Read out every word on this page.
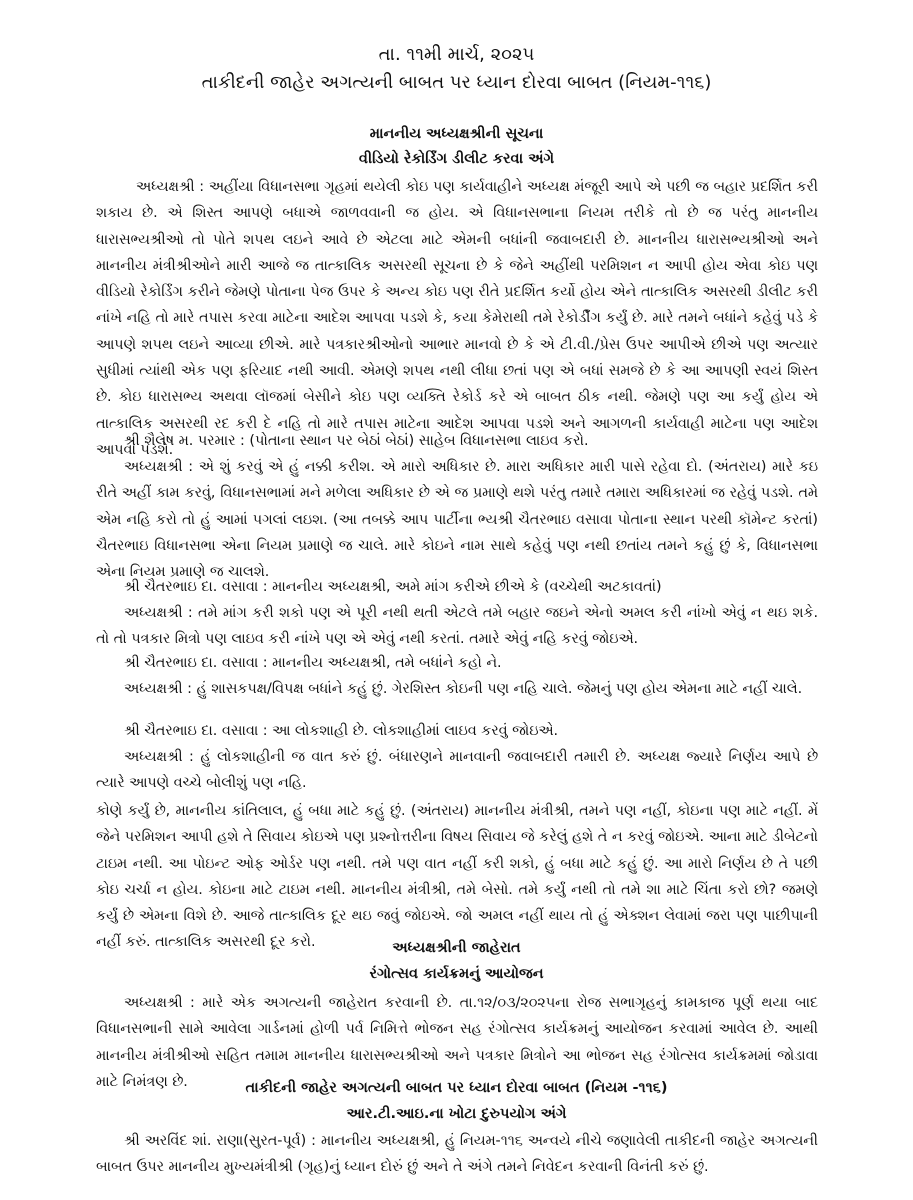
તા. ૧૧મી માર્ચ, ૨૦૨૫
તાકીદની જાહેર અગત્યની બાબત પર ધ્યાન દોરવા બાબત (નિયમ-૧૧૬)
માનનીય અધ્યક્ષશ્રીની સૂચના
વીડિયો રેકોર્ડિંગ ડીલીટ કરવા અંગે

અધ્યક્ષશ્રી : અહીંયા વિધાનસભા ગૃહમાં થયેલી કોઇ પણ કાર્યવાહીને અધ્યક્ષ મંજૂરી આપે એ પછી જ બહાર પ્રદર્શિત કરી શકાય છે. એ શિસ્ત આપણે બધાએ જાળવવાની જ હોય. એ વિધાનસભાના નિયમ તરીકે તો છે જ પરંતુ માનનીય ધારાસભ્યશ્રીઓ તો પોતે શપથ લઇને આવે છે એટલા માટે એમની બધાંની જવાબદારી છે. માનનીય ધારાસભ્યશ્રીઓ અને માનનીય મંત્રીશ્રીઓને મારી આજે જ તાત્કાલિક અસરથી સૂચના છે કે જેને અહીંથી પરમિશન ન આપી હોય એવા કોઇ પણ વીડિયો રેકોર્ડિંગ કરીને જેમણે પોતાના પેજ ઉપર કે અન્ય કોઇ પણ રીતે પ્રદર્શિત કર્યો હોય એને તાત્કાલિક અસરથી ડીલીટ કરી નાંખે નહિ તો મારે તપાસ કરવા માટેના આદેશ આપવા પડશે કે, કયા કેમેરાથી તમે રેકોર્ડીંગ કર્યું છે. મારે તમને બધાંને કહેવું પડે કે આપણે શપથ લઇને આવ્યા છીએ. મારે પત્રકારશ્રીઓનો આભાર માનવો છે કે એ ટી.વી./પ્રેસ ઉપર આપીએ છીએ પણ અત્યાર સુધીમાં ત્યાંથી એક પણ ફરિયાદ નથી આવી. એમણે શપથ નથી લીધા છતાં પણ એ બધાં સમજે છે કે આ આપણી સ્વયં શિસ્ત છે. કોઇ ધારાસભ્ય અથવા લૉજમાં બેસીને કોઇ પણ વ્યક્તિ રેકોર્ડ કરે એ બાબત ઠીક નથી. જેમણે પણ આ કર્યું હોય એ તાત્કાલિક અસરથી રદ કરી દે નહિ તો મારે તપાસ માટેના આદેશ આપવા પડશે અને આગળની કાર્યવાહી માટેના પણ આદેશ આપવા પડશે.

શ્રી શૈલેષ મ. પરમાર : (પોતાના સ્થાન પર બેઠાં બેઠાં) સાહેબ વિધાનસભા લાઇવ કરો.

અધ્યક્ષશ્રી : એ શું કરવું એ હું નક્કી કરીશ. એ મારો અધિકાર છે. મારા અધિકાર મારી પાસે રહેવા દો. (અંતરાય) મારે કઇ રીતે અહીં કામ કરવું, વિધાનસભામાં મને મળેલા અધિકાર છે એ જ પ્રમાણે થશે પરંતુ તમારે તમારા અધિકારમાં જ રહેવું પડશે. તમે એમ નહિ કરો તો હું આમાં પગલાં લઇશ. (આ તબક્કે આપ પાર્ટીના ભ્યશ્રી ચૈતરભાઇ વસાવા પોતાના સ્થાન પરથી કૉમેન્ટ કરતાં) ચૈતરભાઇ વિધાનસભા એના નિયમ પ્રમાણે જ ચાલે. મારે કોઇને નામ સાથે કહેવું પણ નથી છતાંય તમને કહું છું કે, વિધાનસભા એના નિયમ પ્રમાણે જ ચાલશે.

શ્રી ચૈતરભાઇ દા. વસાવા : માનનીય અધ્યક્ષશ્રી, અમે માંગ કરીએ છીએ કે (વચ્ચેથી અટકાવતાં)

અધ્યક્ષશ્રી : તમે માંગ કરી શકો પણ એ પૂરી નથી થતી એટલે તમે બહાર જઇને એનો અમલ કરી નાંખો એવું ન થઇ શકે. તો તો પત્રકાર મિત્રો પણ લાઇવ કરી નાંખે પણ એ એવું નથી કરતાં. તમારે એવું નહિ કરવું જોઇએ.

શ્રી ચૈતરભાઇ દા. વસાવા : માનનીય અધ્યક્ષશ્રી, તમે બધાંને કહો ને.

અધ્યક્ષશ્રી : હું શાસકપક્ષ/વિપક્ષ બધાંને કહું છું. ગેરશિસ્ત કોઇની પણ નહિ ચાલે. જેમનું પણ હોય એમના માટે નહીં ચાલે.

શ્રી ચૈતરભાઇ દા. વસાવા : આ લોકશાહી છે. લોકશાહીમાં લાઇવ કરવું જોઇએ.

અધ્યક્ષશ્રી : હું લોકશાહીની જ વાત કરું છું. બંધારણને માનવાની જવાબદારી તમારી છે. અધ્યક્ષ જ્યારે નિર્ણય આપે છે ત્યારે આપણે વચ્ચે બોલીશું પણ નહિ.

કોણે કર્યું છે, માનનીય કાંતિલાલ, હું બધા માટે કહું છું. (અંતરાય) માનનીય મંત્રીશ્રી, તમને પણ નહીં, કોઇના પણ માટે નહીં. મેં જેને પરમિશન આપી હશે તે સિવાય કોઇએ પણ પ્રશ્નોત્તરીના વિષય સિવાય જે કરેલું હશે તે ન કરવું જોઇએ. આના માટે ડીબેટનો ટાઇમ નથી. આ પોઇન્ટ ઓફ ઓર્ડર પણ નથી. તમે પણ વાત નહીં કરી શકો, હું બધા માટે કહું છું. આ મારો નિર્ણય છે તે પછી કોઇ ચર્ચા ન હોય. કોઇના માટે ટાઇમ નથી. માનનીય મંત્રીશ્રી, તમે બેસો. તમે કર્યું નથી તો તમે શા માટે ચિંતા કરો છો? જમણે કર્યું છે એમના વિશે છે. આજે તાત્કાલિક દૂર થઇ જવું જોઇએ. જો અમલ નહીં થાય તો હું એક્શન લેવામાં જરા પણ પાછીપાની નહીં કરું. તાત્કાલિક અસરથી દૂર કરો.	અધ્યક્ષશ્રીની જાહેરાત
રંગોત્સવ કાર્યક્રમનું આયોજન

અધ્યક્ષશ્રી : મારે એક અગત્યની જાહેરાત કરવાની છે. તા.૧૨/૦૩/૨૦૨૫ના રોજ સભાગૃહનું કામકાજ પૂર્ણ થયા બાદ વિધાનસભાની સામે આવેલા ગાર્ડનમાં હોળી પર્વ નિમિત્તે ભોજન સહ રંગોત્સવ કાર્યક્રમનું આયોજન કરવામાં આવેલ છે. આથી માનનીય મંત્રીશ્રીઓ સહિત તમામ માનનીય ધારાસભ્યશ્રીઓ અને પત્રકાર મિત્રોને આ ભોજન સહ રંગોત્સવ કાર્યક્રમમાં જોડાવા માટે નિમંત્રણ છે.	તાકીદની જાહેર અગત્યની બાબત પર ધ્યાન દોરવા બાબત (નિયમ -૧૧૬)
આર.ટી.આઇ.ના ખોટા દુરુપયોગ અંગે

શ્રી અરવિંદ શાં. રાણા(સુરત-પૂર્વ) : માનનીય અધ્યક્ષશ્રી, હું નિયમ-૧૧૬ અન્વયે નીચે જણાવેલી તાકીદની જાહેર અગત્યની બાબત ઉપર માનનીય મુખ્યમંત્રીશ્રી (ગૃહ)નું ધ્યાન દોરું છું અને તે અંગે તમને નિવેદન કરવાની વિનંતી કરું છું.
